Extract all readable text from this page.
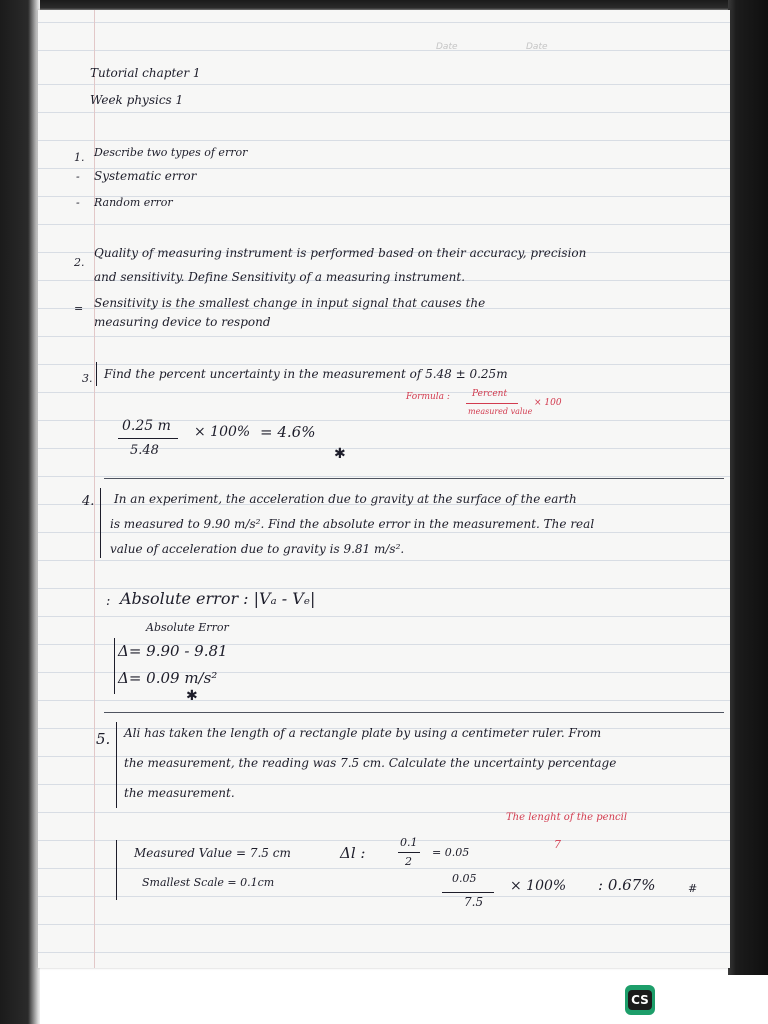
Date	Date
Tutorial chapter 1
Week physics 1
1. Describe two types of error
- Systematic error
- Random error
2.
Quality of measuring instrument is performed based on their accuracy, precision
and sensitivity. Define Sensitivity of a measuring instrument.
= Sensitivity is the smallest change in input signal that causes the
measuring device to respond
3. Find the percent uncertainty in the measurement of 5.48 ± 0.25m
Formula : Percent
measured value
× 100
0.25 m
5.48
× 100% = 4.6%
✱
4. In an experiment, the acceleration due to gravity at the surface of the earth
is measured to 9.90 m/s². Find the absolute error in the measurement. The real
value of acceleration due to gravity is 9.81 m/s².
: Absolute error : |Vₐ - Vₑ|
Absolute Error
Δ= 9.90 - 9.81
Δ= 0.09 m/s²
✱
5. Ali has taken the length of a rectangle plate by using a centimeter ruler. From
the measurement, the reading was 7.5 cm. Calculate the uncertainty percentage
the measurement.
The lenght of the pencil
7
Measured Value = 7.5 cm
Smallest Scale = 0.1cm
Δl :
0.1
2
= 0.05
0.05
7.5
× 100% : 0.67%	#
CS
